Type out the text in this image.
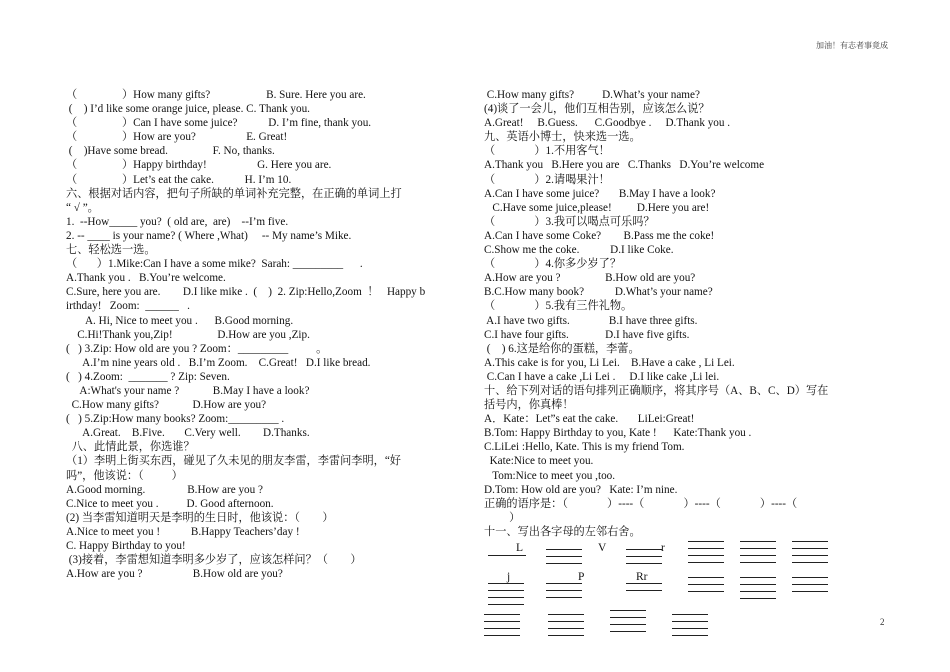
加油！有志者事竟成
（                ）How many gifts?                    B. Sure. Here you are.
(    ) I’d like some orange juice, please. C. Thank you.
（                ）Can I have some juice?           D. I’m fine, thank you.
（                ）How are you?                  E. Great!
(    )Have some bread.                F. No, thanks.
（                ）Happy birthday!                  G. Here you are.
（                ）Let’s eat the cake.           H. I’m 10.
六、根据对话内容，把句子所缺的单词补充完整，在正确的单词上打
“ √ ”。
1.  --How_____ you?  ( old are,  are)    --I’m five.
2. -- ____ is your name? ( Where ,What)     -- My name’s Mike.
七、轻松选一选。
（       ）1.Mike:Can I have a some mike?  Sarah: _________      .
A.Thank you .   B.You’re welcome.
C.Sure, here you are.        D.I like mike .  (    )  2. Zip:Hello,Zoom  ！   Happy b
irthday!   Zoom:  ______   .
A. Hi, Nice to meet you .      B.Good morning.
C.Hi!Thank you,Zip!                D.How are you ,Zip.
(   ) 3.Zip: How old are you ? Zoom：_________          。
A.I’m nine years old .   B.I’m Zoom.    C.Great!   D.I like bread.
(   ) 4.Zoom:  _______ ? Zip: Seven.
A:What's your name ?            B.May I have a look?
C.How many gifts?            D.How are you?
(   ) 5.Zip:How many books? Zoom:_________ .
A.Great.    B.Five.       C.Very well.        D.Thanks.
八、此情此景，你选谁？
（1）李明上街买东西，碰见了久未见的朋友李雷，李雷问李明，“好
吗”，他该说：（          ）
A.Good morning.               B.How are you ?
C.Nice to meet you .          D. Good afternoon.
(2) 当李雷知道明天是李明的生日时，他该说：（        ）
A.Nice to meet you !           B.Happy Teachers’day !
C. Happy Birthday to you!
(3)接着，李雷想知道李明多少岁了，应该怎样问？（        ）
A.How are you ?                  B.How old are you?
C.How many gifts?          D.What’s your name?
(4)谈了一会儿，他们互相告别，应该怎么说？
A.Great!     B.Guess.      C.Goodbye .     D.Thank you .
九、英语小博士，快来选一选。
（              ）1.不用客气！
A.Thank you   B.Here you are   C.Thanks   D.You’re welcome
（              ）2.请喝果汁！
A.Can I have some juice?       B.May I have a look?
C.Have some juice,please!         D.Here you are!
（              ）3.我可以喝点可乐吗？
A.Can I have some Coke?        B.Pass me the coke!
C.Show me the coke.           D.I like Coke.
（              ）4.你多少岁了？
A.How are you ?                B.How old are you?
B.C.How many book?           D.What’s your name?
（              ）5.我有三件礼物。
A.I have two gifts.              B.I have three gifts.
C.I have four gifts.             D.I have five gifts.
(    ) 6.这是给你的蛋糕，李蕾。
A.This cake is for you, Li Lei.    B.Have a cake , Li Lei.
C.Can I have a cake ,Li Lei .     D.I like cake ,Li lei.
十、给下列对话的语句排列正确顺序，将其序号（A、B、C、D）写在
括号内，你真棒！
A．Kate：Let”s eat the cake.       LiLei:Great!
B.Tom: Happy Birthday to you, Kate !      Kate:Thank you .
C.LiLei :Hello, Kate. This is my friend Tom.
Kate:Nice to meet you.
Tom:Nice to meet you ,too.
D.Tom: How old are you?   Kate: I’m nine.
正确的语序是：（              ）----（              ）----（              ）----（
）
十一、写出各字母的左邻右舍。
L	V	r
j	P	Rr
2
